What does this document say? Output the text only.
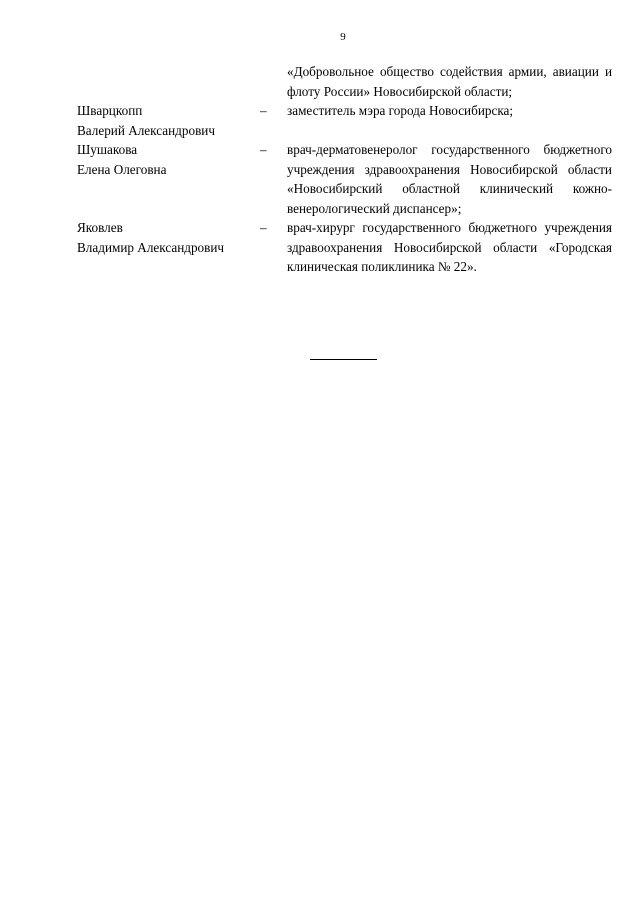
9
«Добровольное общество содействия армии, авиации и флоту России» Новосибирской области;
Шварцкопп
Валерий Александрович
–	заместитель мэра города Новосибирска;
Шушакова
Елена Олеговна
–	врач-дерматовенеролог государственного бюджетного учреждения здравоохранения Новосибирской области «Новосибирский областной клинический кожно-венерологический диспансер»;
Яковлев
Владимир Александрович
–	врач-хирург государственного бюджетного учреждения здравоохранения Новосибирской области «Городская клиническая поликлиника № 22».
